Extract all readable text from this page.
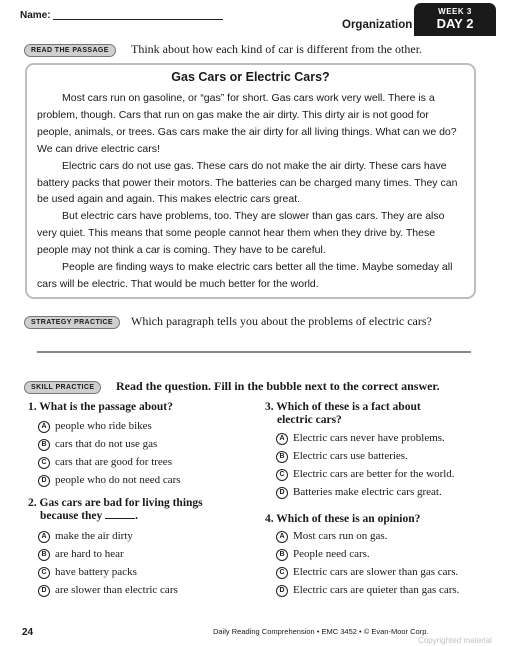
Name:
Organization
WEEK 3
DAY 2
READ THE PASSAGE	Think about how each kind of car is different from the other.
Gas Cars or Electric Cars?

Most cars run on gasoline, or “gas” for short. Gas cars work very well. There is a problem, though. Cars that run on gas make the air dirty. This dirty air is not good for people, animals, or trees. Gas cars make the air dirty for all living things. What can we do? We can drive electric cars!

Electric cars do not use gas. These cars do not make the air dirty. These cars have battery packs that power their motors. The batteries can be charged many times. They can be used again and again. This makes electric cars great.

But electric cars have problems, too. They are slower than gas cars. They are also very quiet. This means that some people cannot hear them when they drive by. These people may not think a car is coming. They have to be careful.

People are finding ways to make electric cars better all the time. Maybe someday all cars will be electric. That would be much better for the world.

STRATEGY PRACTICE	Which paragraph tells you about the problems of electric cars?
SKILL PRACTICE	Read the question. Fill in the bubble next to the correct answer.
1. What is the passage about?
A people who ride bikes
B cars that do not use gas
C cars that are good for trees
D people who do not need cars
2. Gas cars are bad for living things
because they	.
A make the air dirty
B are hard to hear
C have battery packs
D are slower than electric cars
3. Which of these is a fact about
electric cars?
A Electric cars never have problems.
B Electric cars use batteries.
C Electric cars are better for the world.
D Batteries make electric cars great.
4. Which of these is an opinion?
A Most cars run on gas.
B People need cars.
C Electric cars are slower than gas cars.
D Electric cars are quieter than gas cars.
24	Daily Reading Comprehension • EMC 3452 • © Evan-Moor Corp.
Copyrighted material
